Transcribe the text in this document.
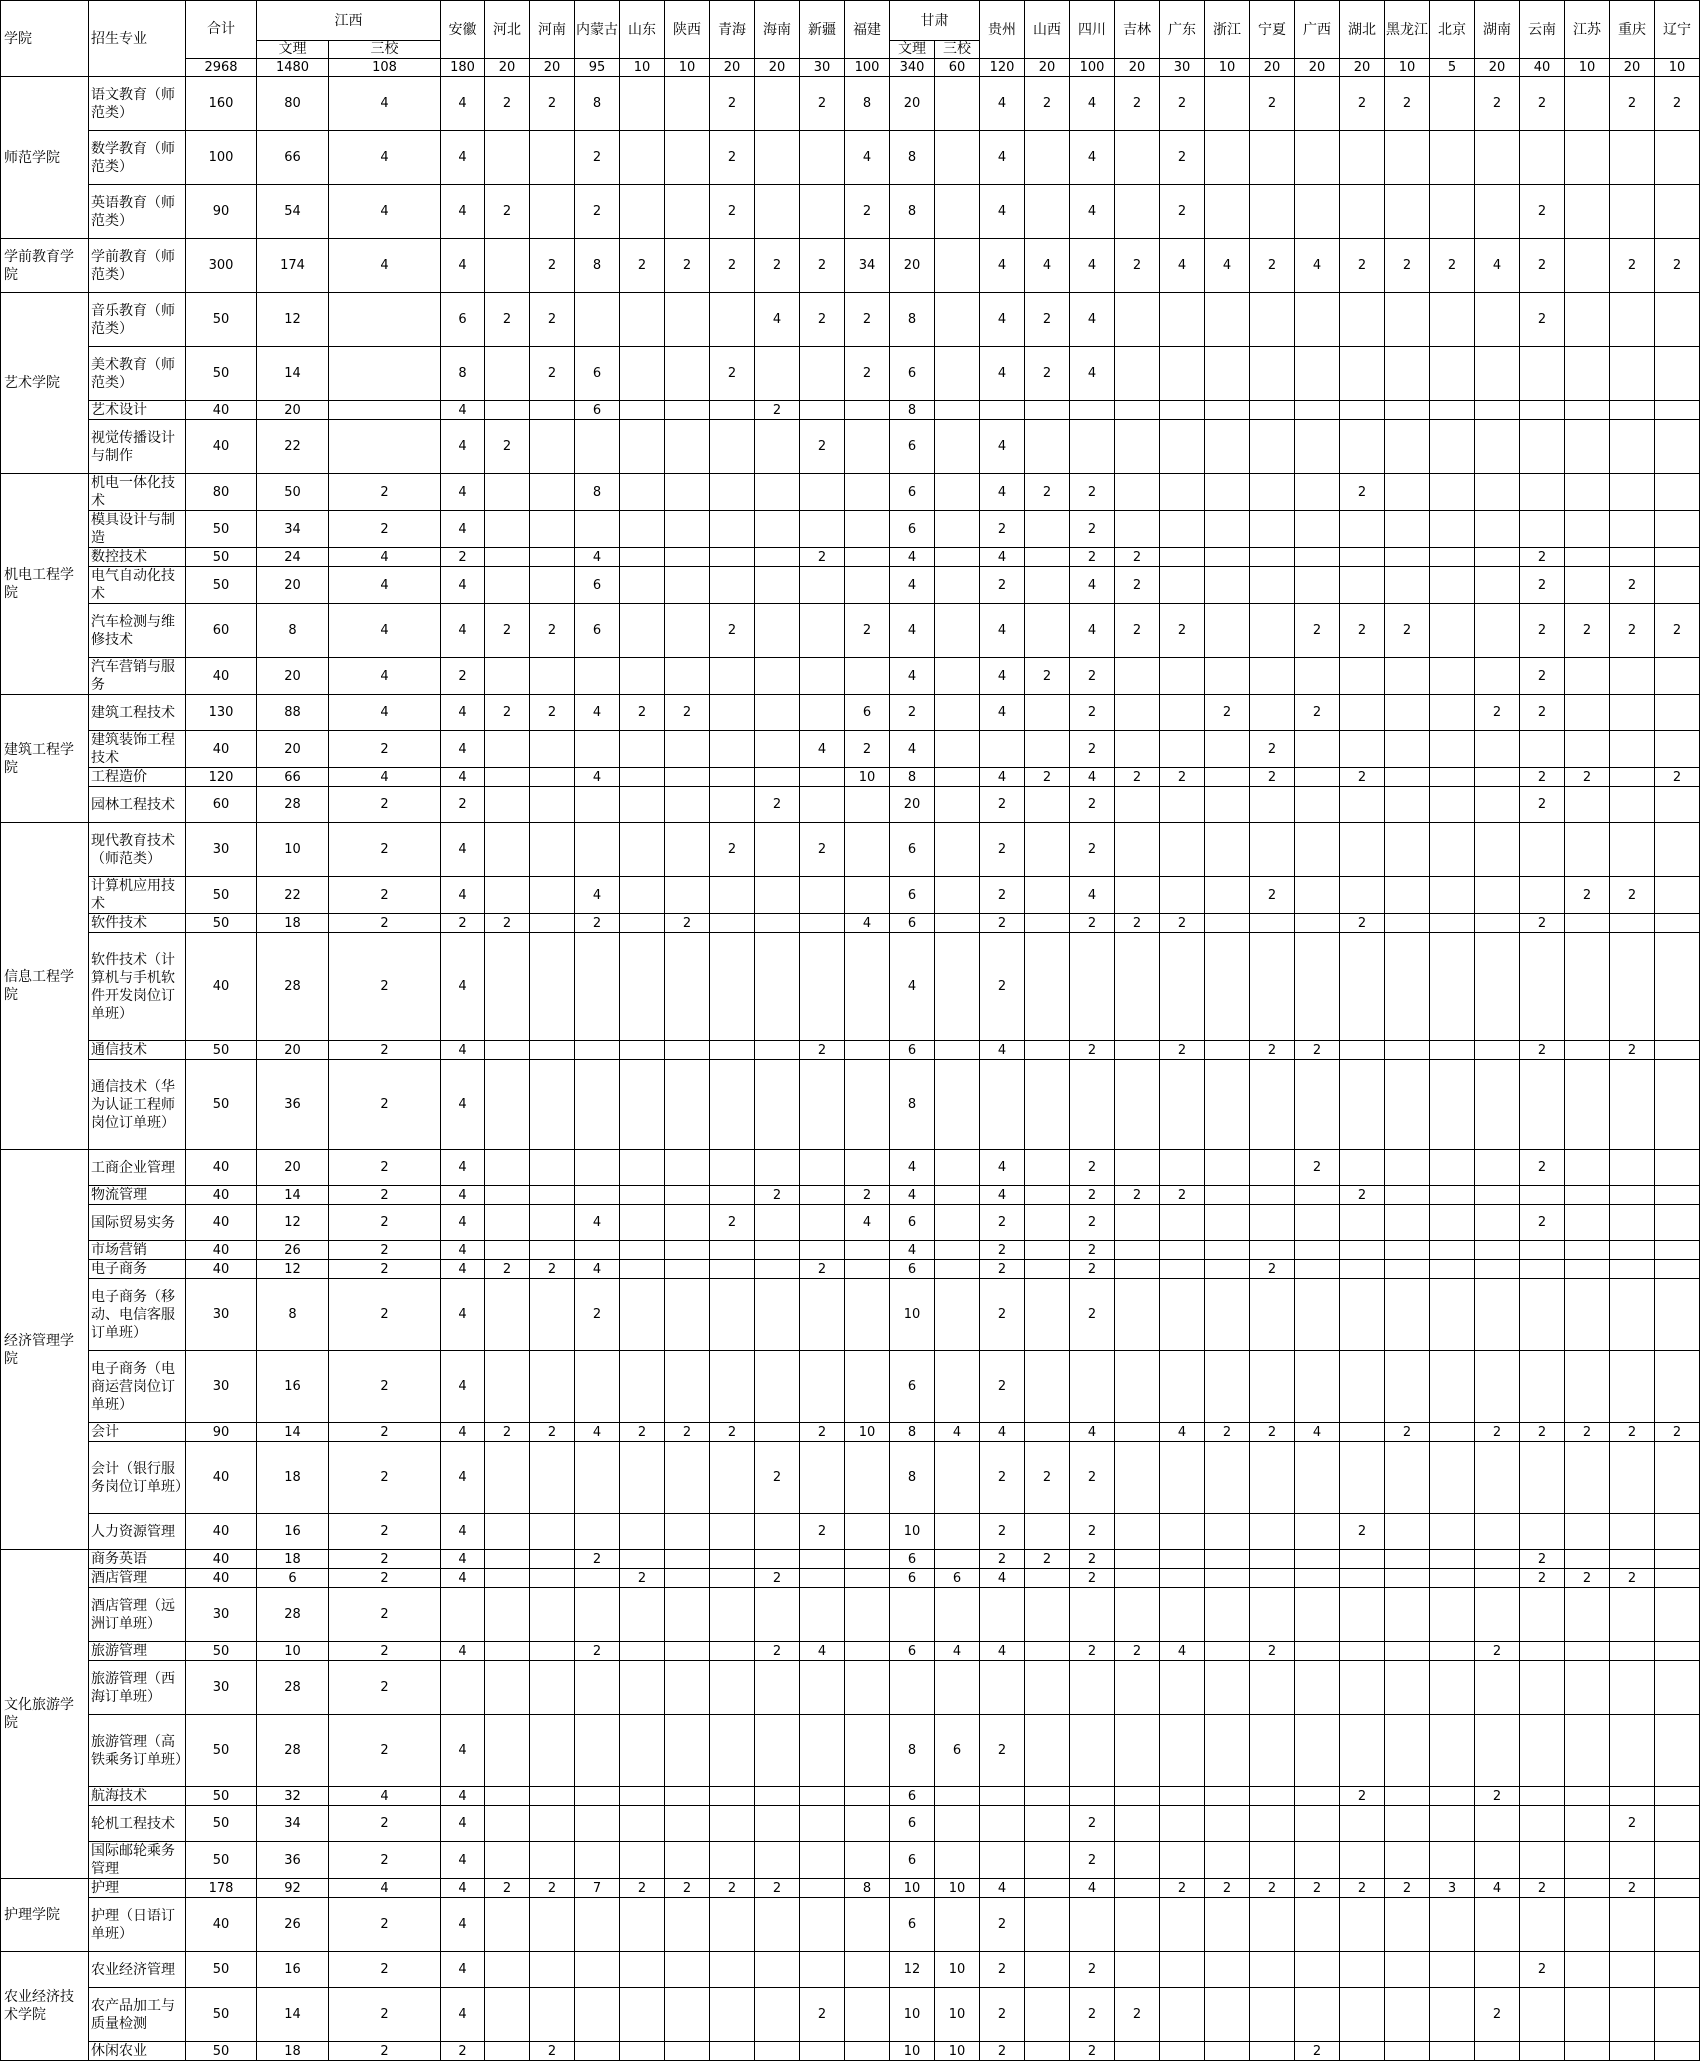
学院	招生专业	合计	江西		安徽	河北	河南	内蒙古	山东	陕西	青海	海南	新疆	福建	甘肃		贵州	山西	四川	吉林	广东	浙江	宁夏	广西	湖北	黑龙江	北京	湖南	云南	江苏	重庆	辽宁
			文理	三校											文理	三校																
		2968	1480	108	180	20	20	95	10	10	20	20	30	100	340	60	120	20	100	20	30	10	20	20	20	10	5	20	40	10	20	10
师范学院	语文教育（师范类）	160	80	4	4	2	2	8			2		2	8	20		4	2	4	2	2		2		2	2		2	2		2	2
	数学教育（师范类）	100	66	4	4			2			2			4	8		4		4		2											
	英语教育（师范类）	90	54	4	4	2		2			2			2	8		4		4		2								2			
学前教育学院	学前教育（师范类）	300	174	4	4		2	8	2	2	2	2	2	34	20		4	4	4	2	4	4	2	4	2	2	2	4	2		2	2
艺术学院	音乐教育（师范类）	50	12		6	2	2					4	2	2	8		4	2	4										2			
	美术教育（师范类）	50	14		8		2	6			2			2	6		4	2	4													
	艺术设计	40	20		4			6				2			8																	
	视觉传播设计与制作	40	22		4	2							2		6		4															
机电工程学院	机电一体化技术	80	50	2	4			8							6		4	2	2						2							
	模具设计与制造	50	34	2	4										6		2		2													
	数控技术	50	24	4	2			4					2		4		4		2	2									2			
	电气自动化技术	50	20	4	4			6							4		2		4	2									2		2	
	汽车检测与维修技术	60	8	4	4	2	2	6			2			2	4		4		4	2	2			2	2	2			2	2	2	2
	汽车营销与服务	40	20	4	2										4		4	2	2										2			
建筑工程学院	建筑工程技术	130	88	4	4	2	2	4	2	2				6	2		4		2			2		2				2	2			
	建筑装饰工程技术	40	20	2	4								4	2	4				2				2									
	工程造价	120	66	4	4			4						10	8		4	2	4	2	2		2		2				2	2		2
	园林工程技术	60	28	2	2							2			20		2		2										2			
信息工程学院	现代教育技术（师范类）	30	10	2	4						2		2		6		2		2													
	计算机应用技术	50	22	2	4			4							6		2		4				2							2	2	
	软件技术	50	18	2	2	2		2		2				4	6		2		2	2	2				2				2			
	软件技术（计算机与手机软件开发岗位订单班）	40	28	2	4										4		2															
	通信技术	50	20	2	4								2		6		4		2		2		2	2					2		2	
	通信技术（华为认证工程师岗位订单班）	50	36	2	4										8																	
经济管理学院	工商企业管理	40	20	2	4										4		4		2					2					2			
	物流管理	40	14	2	4							2		2	4		4		2	2	2				2							
	国际贸易实务	40	12	2	4			4			2			4	6		2		2										2			
	市场营销	40	26	2	4										4		2		2													
	电子商务	40	12	2	4	2	2	4					2		6		2		2				2									
	电子商务（移动、电信客服订单班）	30	8	2	4			2							10		2		2													
	电子商务（电商运营岗位订单班）	30	16	2	4										6		2															
	会计	90	14	2	4	2	2	4	2	2	2		2	10	8	4	4		4		4	2	2	4		2		2	2	2	2	2
	会计（银行服务岗位订单班）	40	18	2	4							2			8		2	2	2													
	人力资源管理	40	16	2	4								2		10		2		2						2							
文化旅游学院	商务英语	40	18	2	4			2							6		2	2	2										2			
	酒店管理	40	6	2	4				2			2			6	6	4		2										2	2	2	
	酒店管理（远洲订单班）	30	28	2																												
	旅游管理	50	10	2	4			2				2	4		6	4	4		2	2	4		2					2				
	旅游管理（西海订单班）	30	28	2																												
	旅游管理（高铁乘务订单班）	50	28	2	4										8	6	2															
	航海技术	50	32	4	4										6										2			2				
	轮机工程技术	50	34	2	4										6				2												2	
	国际邮轮乘务管理	50	36	2	4										6				2													
护理学院	护理	178	92	4	4	2	2	7	2	2	2	2		8	10	10	4		4		2	2	2	2	2	2	3	4	2		2	
	护理（日语订单班）	40	26	2	4										6		2															
农业经济技术学院	农业经济管理	50	16	2	4										12	10	2		2										2			
	农产品加工与质量检测	50	14	2	4								2		10	10	2		2	2								2				
	休闲农业	50	18	2	2		2								10	10	2		2					2								
